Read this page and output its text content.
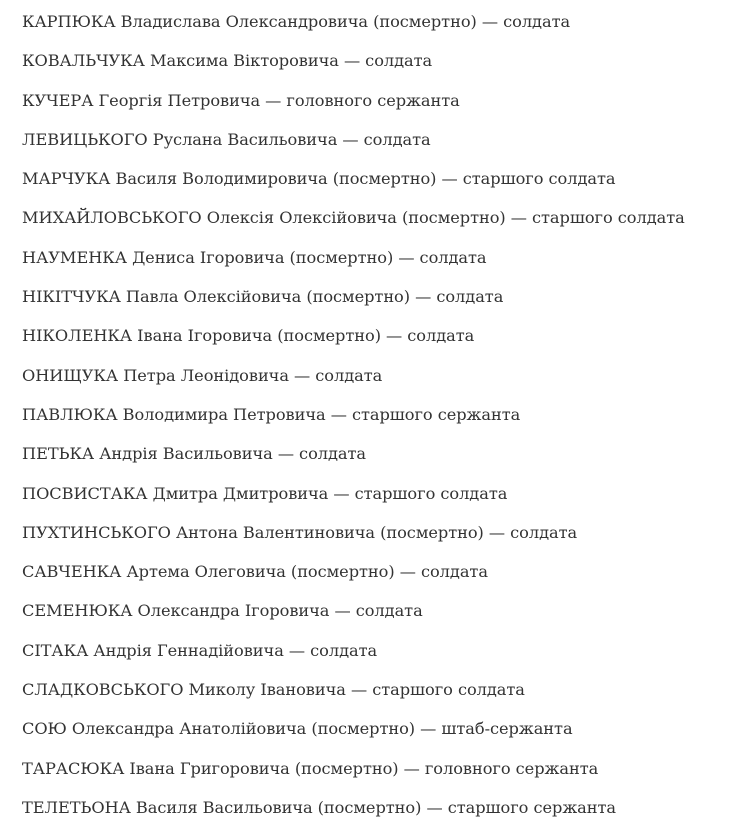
КАРПЮКА Владислава Олександровича (посмертно) — солдата
КОВАЛЬЧУКА Максима Вікторовича — солдата
КУЧЕРА Георгія Петровича — головного сержанта
ЛЕВИЦЬКОГО Руслана Васильовича — солдата
МАРЧУКА Василя Володимировича (посмертно) — старшого солдата
МИХАЙЛОВСЬКОГО Олексія Олексійовича (посмертно) — старшого солдата
НАУМЕНКА Дениса Ігоровича (посмертно) — солдата
НІКІТЧУКА Павла Олексійовича (посмертно) — солдата
НІКОЛЕНКА Івана Ігоровича (посмертно) — солдата
ОНИЩУКА Петра Леонідовича — солдата
ПАВЛЮКА Володимира Петровича — старшого сержанта
ПЕТЬКА Андрія Васильовича — солдата
ПОСВИСТАКА Дмитра Дмитровича — старшого солдата
ПУХТИНСЬКОГО Антона Валентиновича (посмертно) — солдата
САВЧЕНКА Артема Олеговича (посмертно) — солдата
СЕМЕНЮКА Олександра Ігоровича — солдата
СІТАКА Андрія Геннадійовича — солдата
СЛАДКОВСЬКОГО Миколу Івановича — старшого солдата
СОЮ Олександра Анатолійовича (посмертно) — штаб-сержанта
ТАРАСЮКА Івана Григоровича (посмертно) — головного сержанта
ТЕЛЕТЬОНА Василя Васильовича (посмертно) — старшого сержанта
